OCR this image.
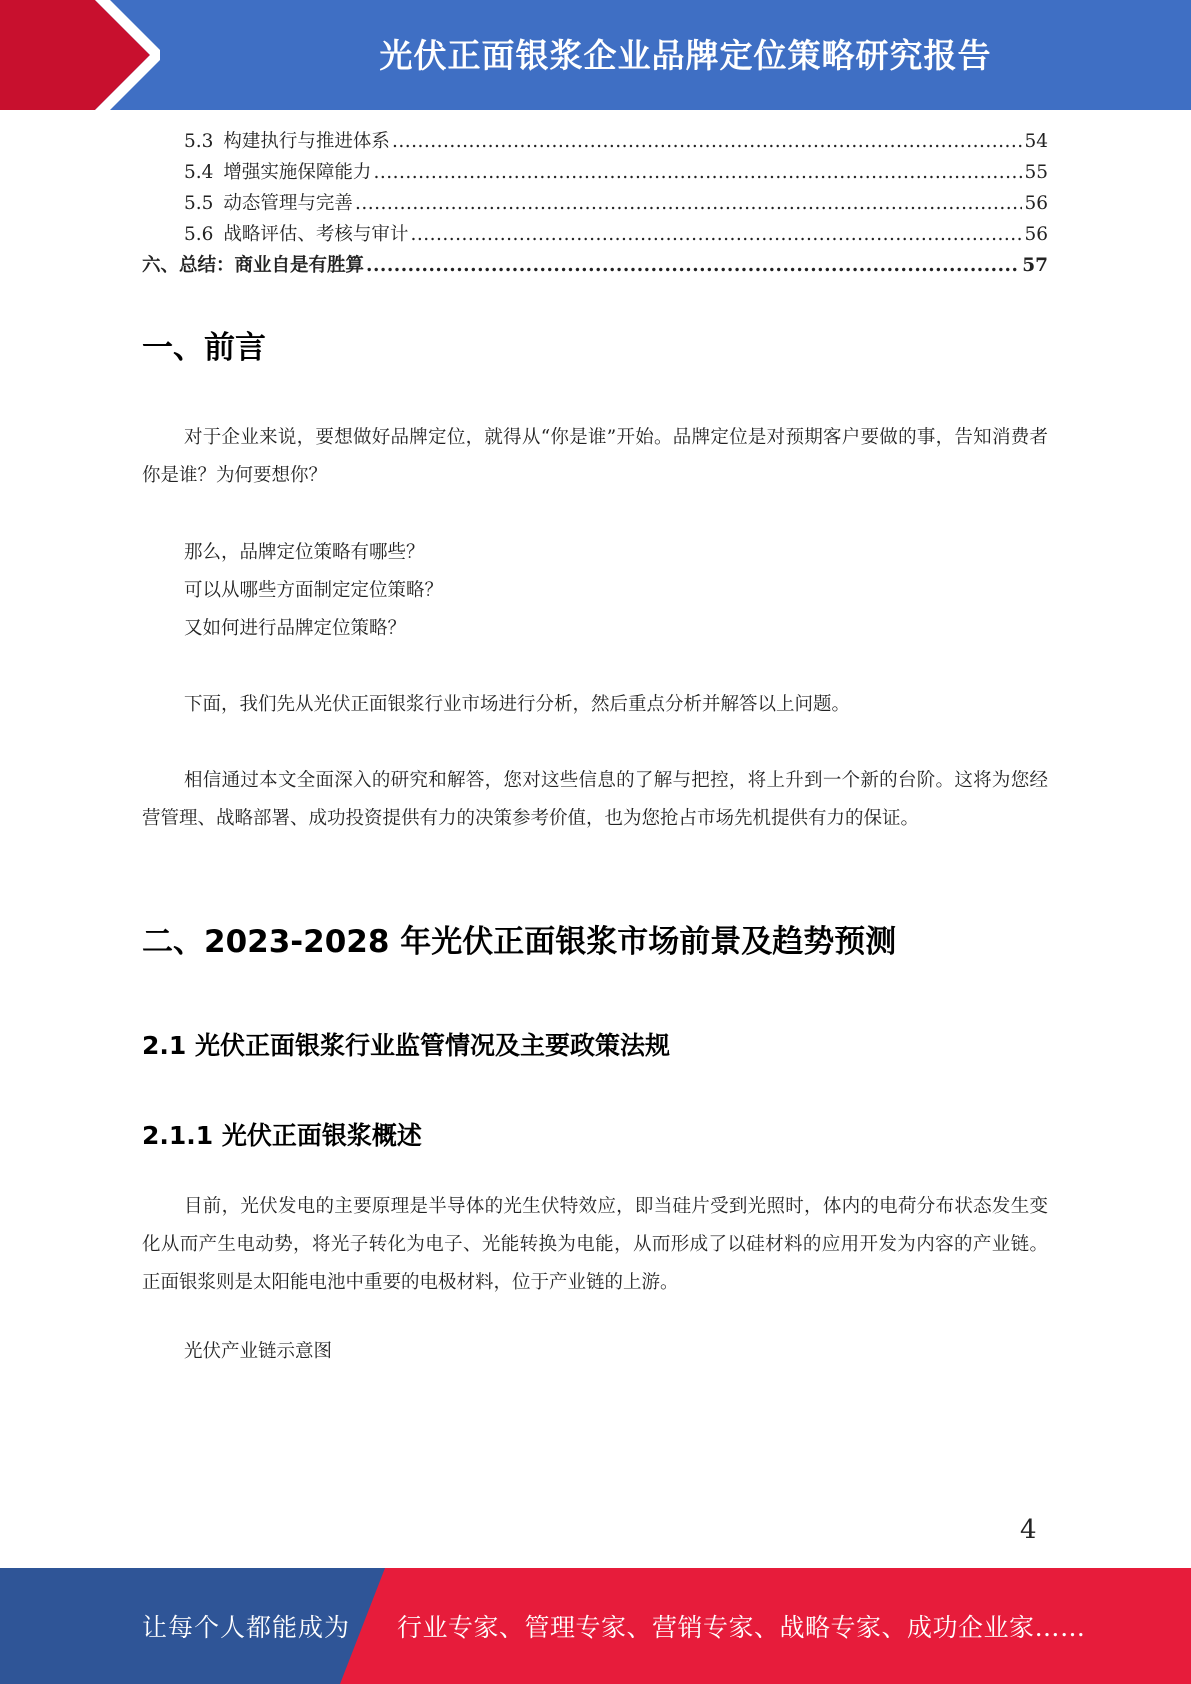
光伏正面银浆企业品牌定位策略研究报告
5.3 构建执行与推进体系 .....	54
5.4 增强实施保障能力 .....	55
5.5 动态管理与完善 .....	56
5.6 战略评估、考核与审计 .....	56
六、总结：商业自是有胜算 .....	57
一、前言

对于企业来说，要想做好品牌定位，就得从“你是谁”开始。品牌定位是对预期客户要做的事，告知消费者你是谁？为何要想你？

那么，品牌定位策略有哪些？

可以从哪些方面制定定位策略？

又如何进行品牌定位策略？

下面，我们先从光伏正面银浆行业市场进行分析，然后重点分析并解答以上问题。

相信通过本文全面深入的研究和解答，您对这些信息的了解与把控，将上升到一个新的台阶。这将为您经营管理、战略部署、成功投资提供有力的决策参考价值，也为您抢占市场先机提供有力的保证。

二、2023-2028 年光伏正面银浆市场前景及趋势预测
2.1 光伏正面银浆行业监管情况及主要政策法规
2.1.1 光伏正面银浆概述

目前，光伏发电的主要原理是半导体的光生伏特效应，即当硅片受到光照时，体内的电荷分布状态发生变化从而产生电动势，将光子转化为电子、光能转换为电能，从而形成了以硅材料的应用开发为内容的产业链。正面银浆则是太阳能电池中重要的电极材料，位于产业链的上游。

光伏产业链示意图

4
让每个人都能成为 行业专家、管理专家、营销专家、战略专家、成功企业家……
